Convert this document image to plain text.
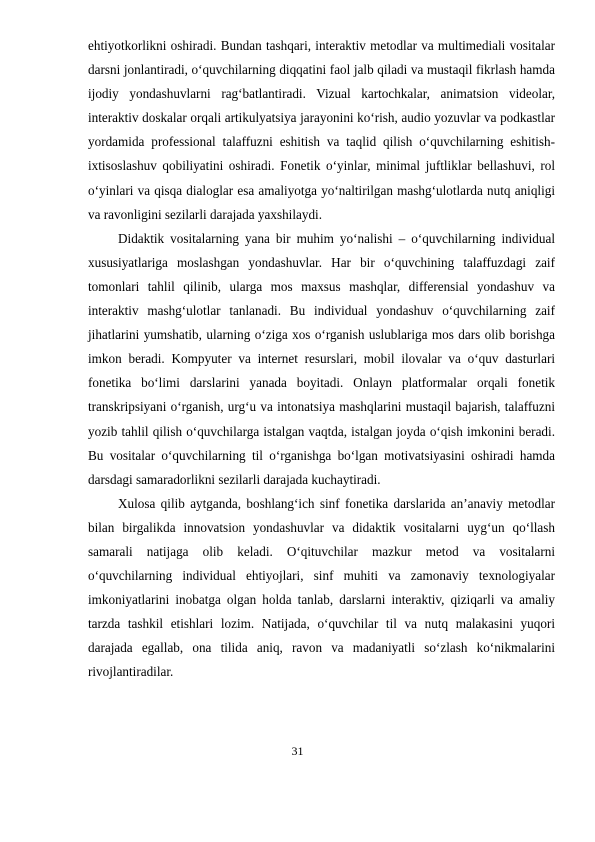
ehtiyotkorlikni oshiradi. Bundan tashqari, interaktiv metodlar va multimediali vositalar darsni jonlantiradi, o‘quvchilarning diqqatini faol jalb qiladi va mustaqil fikrlash hamda ijodiy yondashuvlarni rag‘batlantiradi. Vizual kartochkalar, animatsion videolar, interaktiv doskalar orqali artikulyatsiya jarayonini ko‘rish, audio yozuvlar va podkastlar yordamida professional talaffuzni eshitish va taqlid qilish o‘quvchilarning eshitish-ixtisoslashuv qobiliyatini oshiradi. Fonetik o‘yinlar, minimal juftliklar bellashuvi, rol o‘yinlari va qisqa dialoglar esa amaliyotga yo‘naltirilgan mashg‘ulotlarda nutq aniqligi va ravonligini sezilarli darajada yaxshilaydi.

Didaktik vositalarning yana bir muhim yo‘nalishi – o‘quvchilarning individual xususiyatlariga moslashgan yondashuvlar. Har bir o‘quvchining talaffuzdagi zaif tomonlari tahlil qilinib, ularga mos maxsus mashqlar, differensial yondashuv va interaktiv mashg‘ulotlar tanlanadi. Bu individual yondashuv o‘quvchilarning zaif jihatlarini yumshatib, ularning o‘ziga xos o‘rganish uslublariga mos dars olib borishga imkon beradi. Kompyuter va internet resurslari, mobil ilovalar va o‘quv dasturlari fonetika bo‘limi darslarini yanada boyitadi. Onlayn platformalar orqali fonetik transkripsiyani o‘rganish, urg‘u va intonatsiya mashqlarini mustaqil bajarish, talaffuzni yozib tahlil qilish o‘quvchilarga istalgan vaqtda, istalgan joyda o‘qish imkonini beradi. Bu vositalar o‘quvchilarning til o‘rganishga bo‘lgan motivatsiyasini oshiradi hamda darsdagi samaradorlikni sezilarli darajada kuchaytiradi.

Xulosa qilib aytganda, boshlang‘ich sinf fonetika darslarida an’anaviy metodlar bilan birgalikda innovatsion yondashuvlar va didaktik vositalarni uyg‘un qo‘llash samarali natijaga olib keladi. O‘qituvchilar mazkur metod va vositalarni o‘quvchilarning individual ehtiyojlari, sinf muhiti va zamonaviy texnologiyalar imkoniyatlarini inobatga olgan holda tanlab, darslarni interaktiv, qiziqarli va amaliy tarzda tashkil etishlari lozim. Natijada, o‘quvchilar til va nutq malakasini yuqori darajada egallab, ona tilida aniq, ravon va madaniyatli so‘zlash ko‘nikmalarini rivojlantiradilar.

31
